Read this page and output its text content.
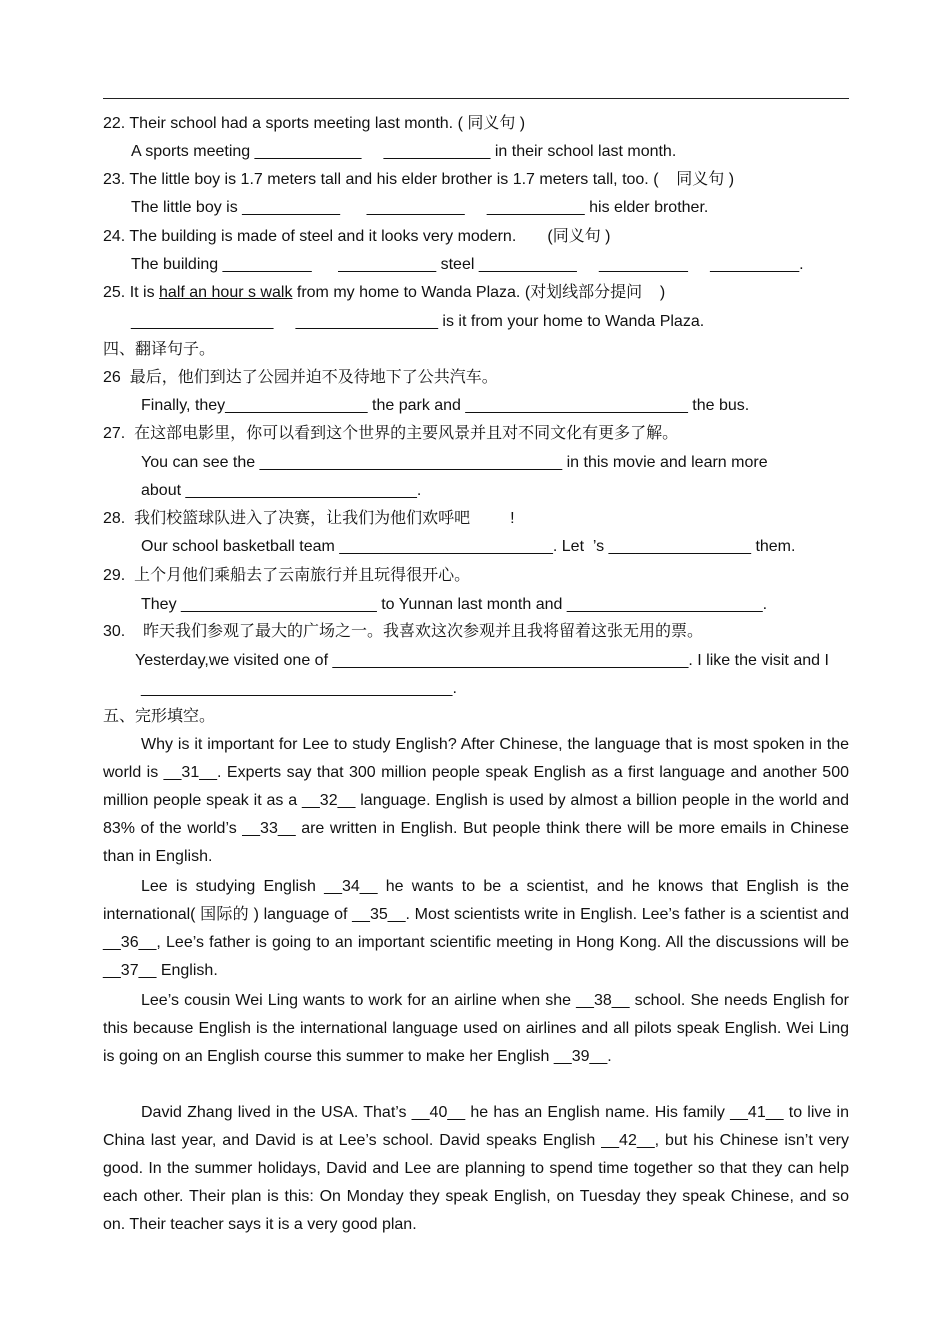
22. Their school had a sports meeting last month. ( 同义句 )
A sports meeting ____________     ____________ in their school last month.
23. The little boy is 1.7 meters tall and his elder brother is 1.7 meters tall, too. (    同义句 )
The little boy is ___________      ___________     ___________ his elder brother.
24. The building is made of steel and it looks very modern.       (同义句 )
The building __________      ___________ steel ___________     __________     __________.
25. It is half an hour s walk from my home to Wanda Plaza. (对划线部分提问    )
________________     ________________ is it from your home to Wanda Plaza.
四、翻译句子。
26  最后，他们到达了公园并迫不及待地下了公共汽车。
Finally, they________________ the park and _________________________ the bus.
27.  在这部电影里，你可以看到这个世界的主要风景并且对不同文化有更多了解。
You can see the __________________________________ in this movie and learn more
about __________________________.
28.  我们校篮球队进入了决赛，让我们为他们欢呼吧         !
Our school basketball team ________________________. Let  ’s ________________ them.
29.  上个月他们乘船去了云南旅行并且玩得很开心。
They ______________________ to Yunnan last month and ______________________.
30.    昨天我们参观了最大的广场之一。我喜欢这次参观并且我将留着这张无用的票。
Yesterday,we visited one of ________________________________________. I like the visit and I
___________________________________.
五、完形填空。
Why is it important for Lee to study English? After Chinese, the language that is most spoken in the world is __31__. Experts say that 300 million people speak English as a first language and another 500 million people speak it as a __32__ language. English is used by almost a billion people in the world and 83% of the world’s __33__ are written in English. But people think there will be more emails in Chinese than in English.
Lee is studying English __34__ he wants to be a scientist, and he knows that English is the international( 国际的 ) language of __35__. Most scientists write in English. Lee’s father is a scientist and __36__, Lee’s father is going to an important scientific meeting in Hong Kong. All the discussions will be __37__ English.
Lee’s cousin Wei Ling wants to work for an airline when she __38__ school. She needs English for this because English is the international language used on airlines and all pilots speak English. Wei Ling is going on an English course this summer to make her English __39__.
David Zhang lived in the USA. That’s __40__ he has an English name. His family __41__ to live in China last year, and David is at Lee’s school. David speaks English __42__, but his Chinese isn’t very good. In the summer holidays, David and Lee are planning to spend time together so that they can help each other. Their plan is this: On Monday they speak English, on Tuesday they speak Chinese, and so on. Their teacher says it is a very good plan.
